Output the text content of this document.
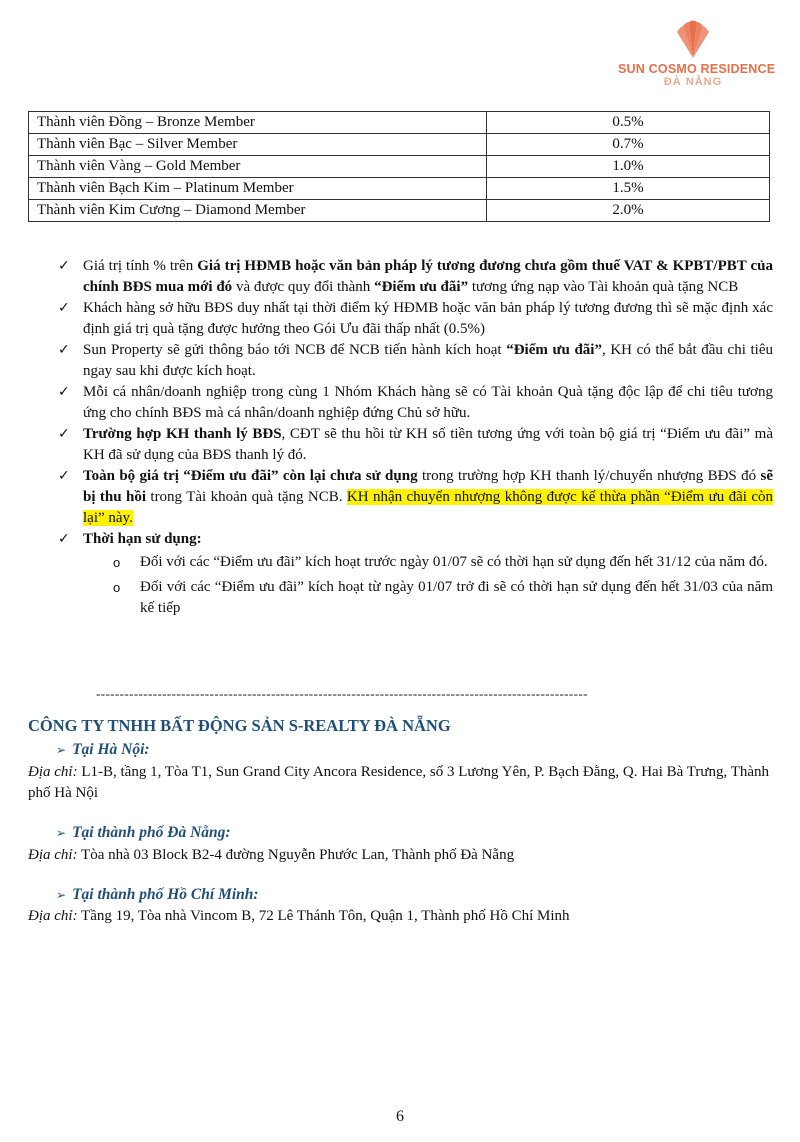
SUN COSMO RESIDENCE
ĐÀ NẴNG
Thành viên Đồng – Bronze Member	0.5%
Thành viên Bạc – Silver Member	0.7%
Thành viên Vàng – Gold Member	1.0%
Thành viên Bạch Kim – Platinum Member	1.5%
Thành viên Kim Cương – Diamond Member	2.0%
✓ Giá trị tính % trên Giá trị HĐMB hoặc văn bản pháp lý tương đương chưa gồm thuế VAT & KPBT/PBT của chính BĐS mua mới đó và được quy đổi thành “Điểm ưu đãi” tương ứng nạp vào Tài khoản quà tặng NCB
✓ Khách hàng sở hữu BĐS duy nhất tại thời điểm ký HĐMB hoặc văn bản pháp lý tương đương thì sẽ mặc định xác định giá trị quà tặng được hưởng theo Gói Ưu đãi thấp nhất (0.5%)
✓ Sun Property sẽ gửi thông báo tới NCB để NCB tiến hành kích hoạt “Điểm ưu đãi”, KH có thể bắt đầu chi tiêu ngay sau khi được kích hoạt.
✓ Mỗi cá nhân/doanh nghiệp trong cùng 1 Nhóm Khách hàng sẽ có Tài khoản Quà tặng độc lập để chi tiêu tương ứng cho chính BĐS mà cá nhân/doanh nghiệp đứng Chủ sở hữu.
✓ Trường hợp KH thanh lý BĐS, CĐT sẽ thu hồi từ KH số tiền tương ứng với toàn bộ giá trị “Điểm ưu đãi” mà KH đã sử dụng của BĐS thanh lý đó.
✓ Toàn bộ giá trị “Điểm ưu đãi” còn lại chưa sử dụng trong trường hợp KH thanh lý/chuyển nhượng BĐS đó sẽ bị thu hồi trong Tài khoản quà tặng NCB. KH nhận chuyển nhượng không được kế thừa phần “Điểm ưu đãi còn lại” này.
✓ Thời hạn sử dụng:
o Đối với các “Điểm ưu đãi” kích hoạt trước ngày 01/07 sẽ có thời hạn sử dụng đến hết 31/12 của năm đó.
o Đối với các “Điểm ưu đãi” kích hoạt từ ngày 01/07 trở đi sẽ có thời hạn sử dụng đến hết 31/03 của năm kế tiếp
--------------------------------------------------------------------------------------------------------
CÔNG TY TNHH BẤT ĐỘNG SẢN S-REALTY ĐÀ NẴNG
➢ Tại Hà Nội:
Địa chỉ: L1-B, tầng 1, Tòa T1, Sun Grand City Ancora Residence, số 3 Lương Yên, P. Bạch Đằng, Q. Hai Bà Trưng, Thành phố Hà Nội
➢ Tại thành phố Đà Nẵng:
Địa chỉ: Tòa nhà 03 Block B2-4 đường Nguyễn Phước Lan, Thành phố Đà Nẵng
➢ Tại thành phố Hồ Chí Minh:
Địa chỉ: Tầng 19, Tòa nhà Vincom B, 72 Lê Thánh Tôn, Quận 1, Thành phố Hồ Chí Minh
6
